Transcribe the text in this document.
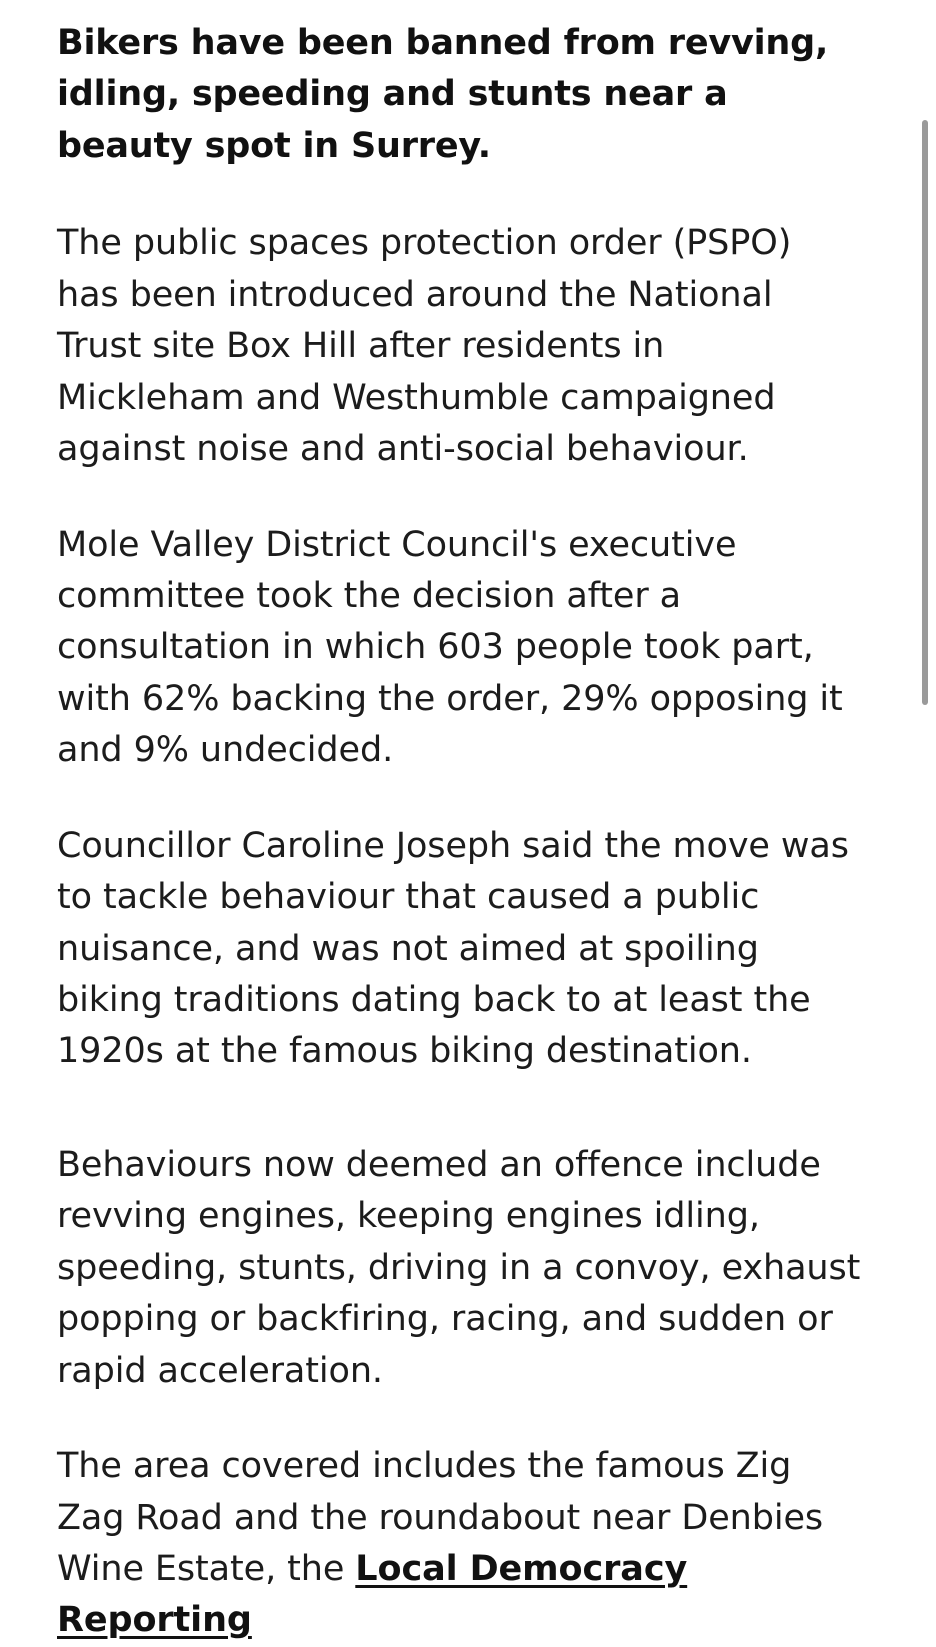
Bikers have been banned from revving, idling, speeding and stunts near a beauty spot in Surrey.

The public spaces protection order (PSPO) has been introduced around the National Trust site Box Hill after residents in Mickleham and Westhumble campaigned against noise and anti-social behaviour.

Mole Valley District Council's executive committee took the decision after a consultation in which 603 people took part, with 62% backing the order, 29% opposing it and 9% undecided.

Councillor Caroline Joseph said the move was to tackle behaviour that caused a public nuisance, and was not aimed at spoiling biking traditions dating back to at least the 1920s at the famous biking destination.

Behaviours now deemed an offence include revving engines, keeping engines idling, speeding, stunts, driving in a convoy, exhaust popping or backfiring, racing, and sudden or rapid acceleration.

The area covered includes the famous Zig Zag Road and the roundabout near Denbies Wine Estate, the Local Democracy Reporting
